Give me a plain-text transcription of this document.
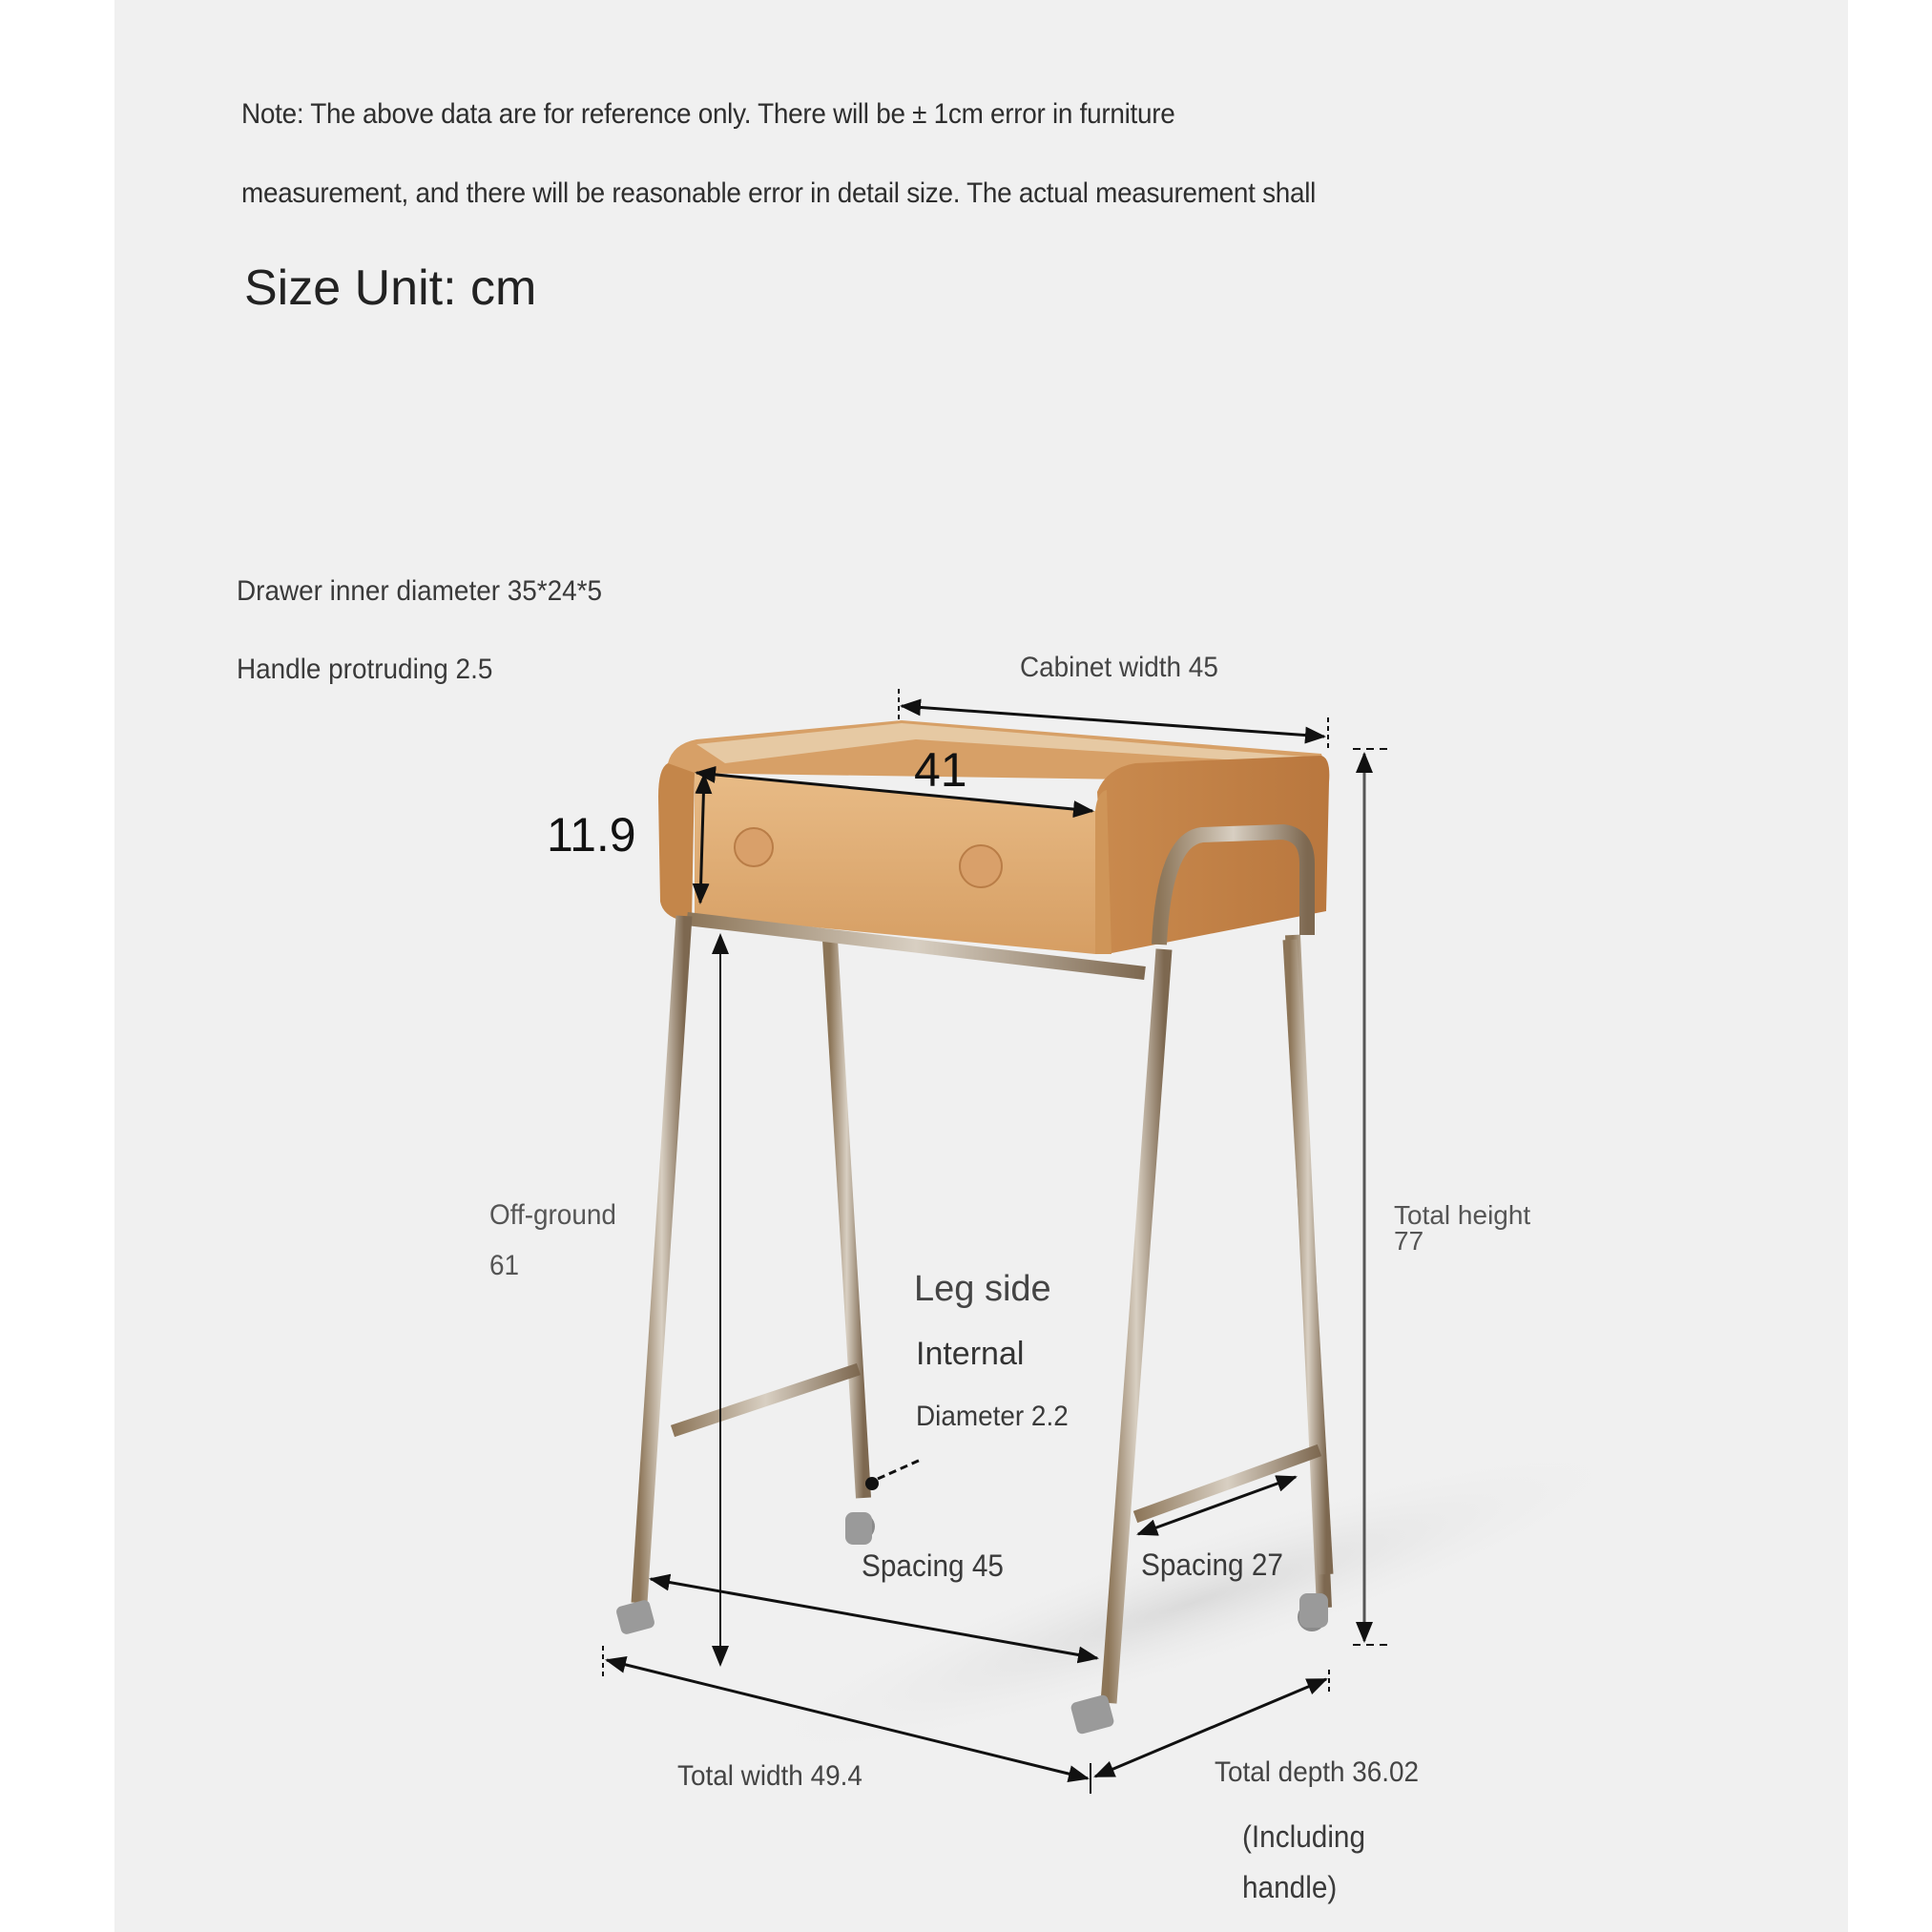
Note: The above data are for reference only. There will be ± 1cm error in furniture
measurement, and there will be reasonable error in detail size. The actual measurement shall
Size Unit: cm
Drawer inner diameter 35*24*5
Handle protruding 2.5	Cabinet width 45
41
11.9
Off-ground
61
Total height
77
Leg side
Internal
Diameter 2.2
Spacing 45	Spacing 27
Total width 49.4	Total depth 36.02
(Including
handle)
